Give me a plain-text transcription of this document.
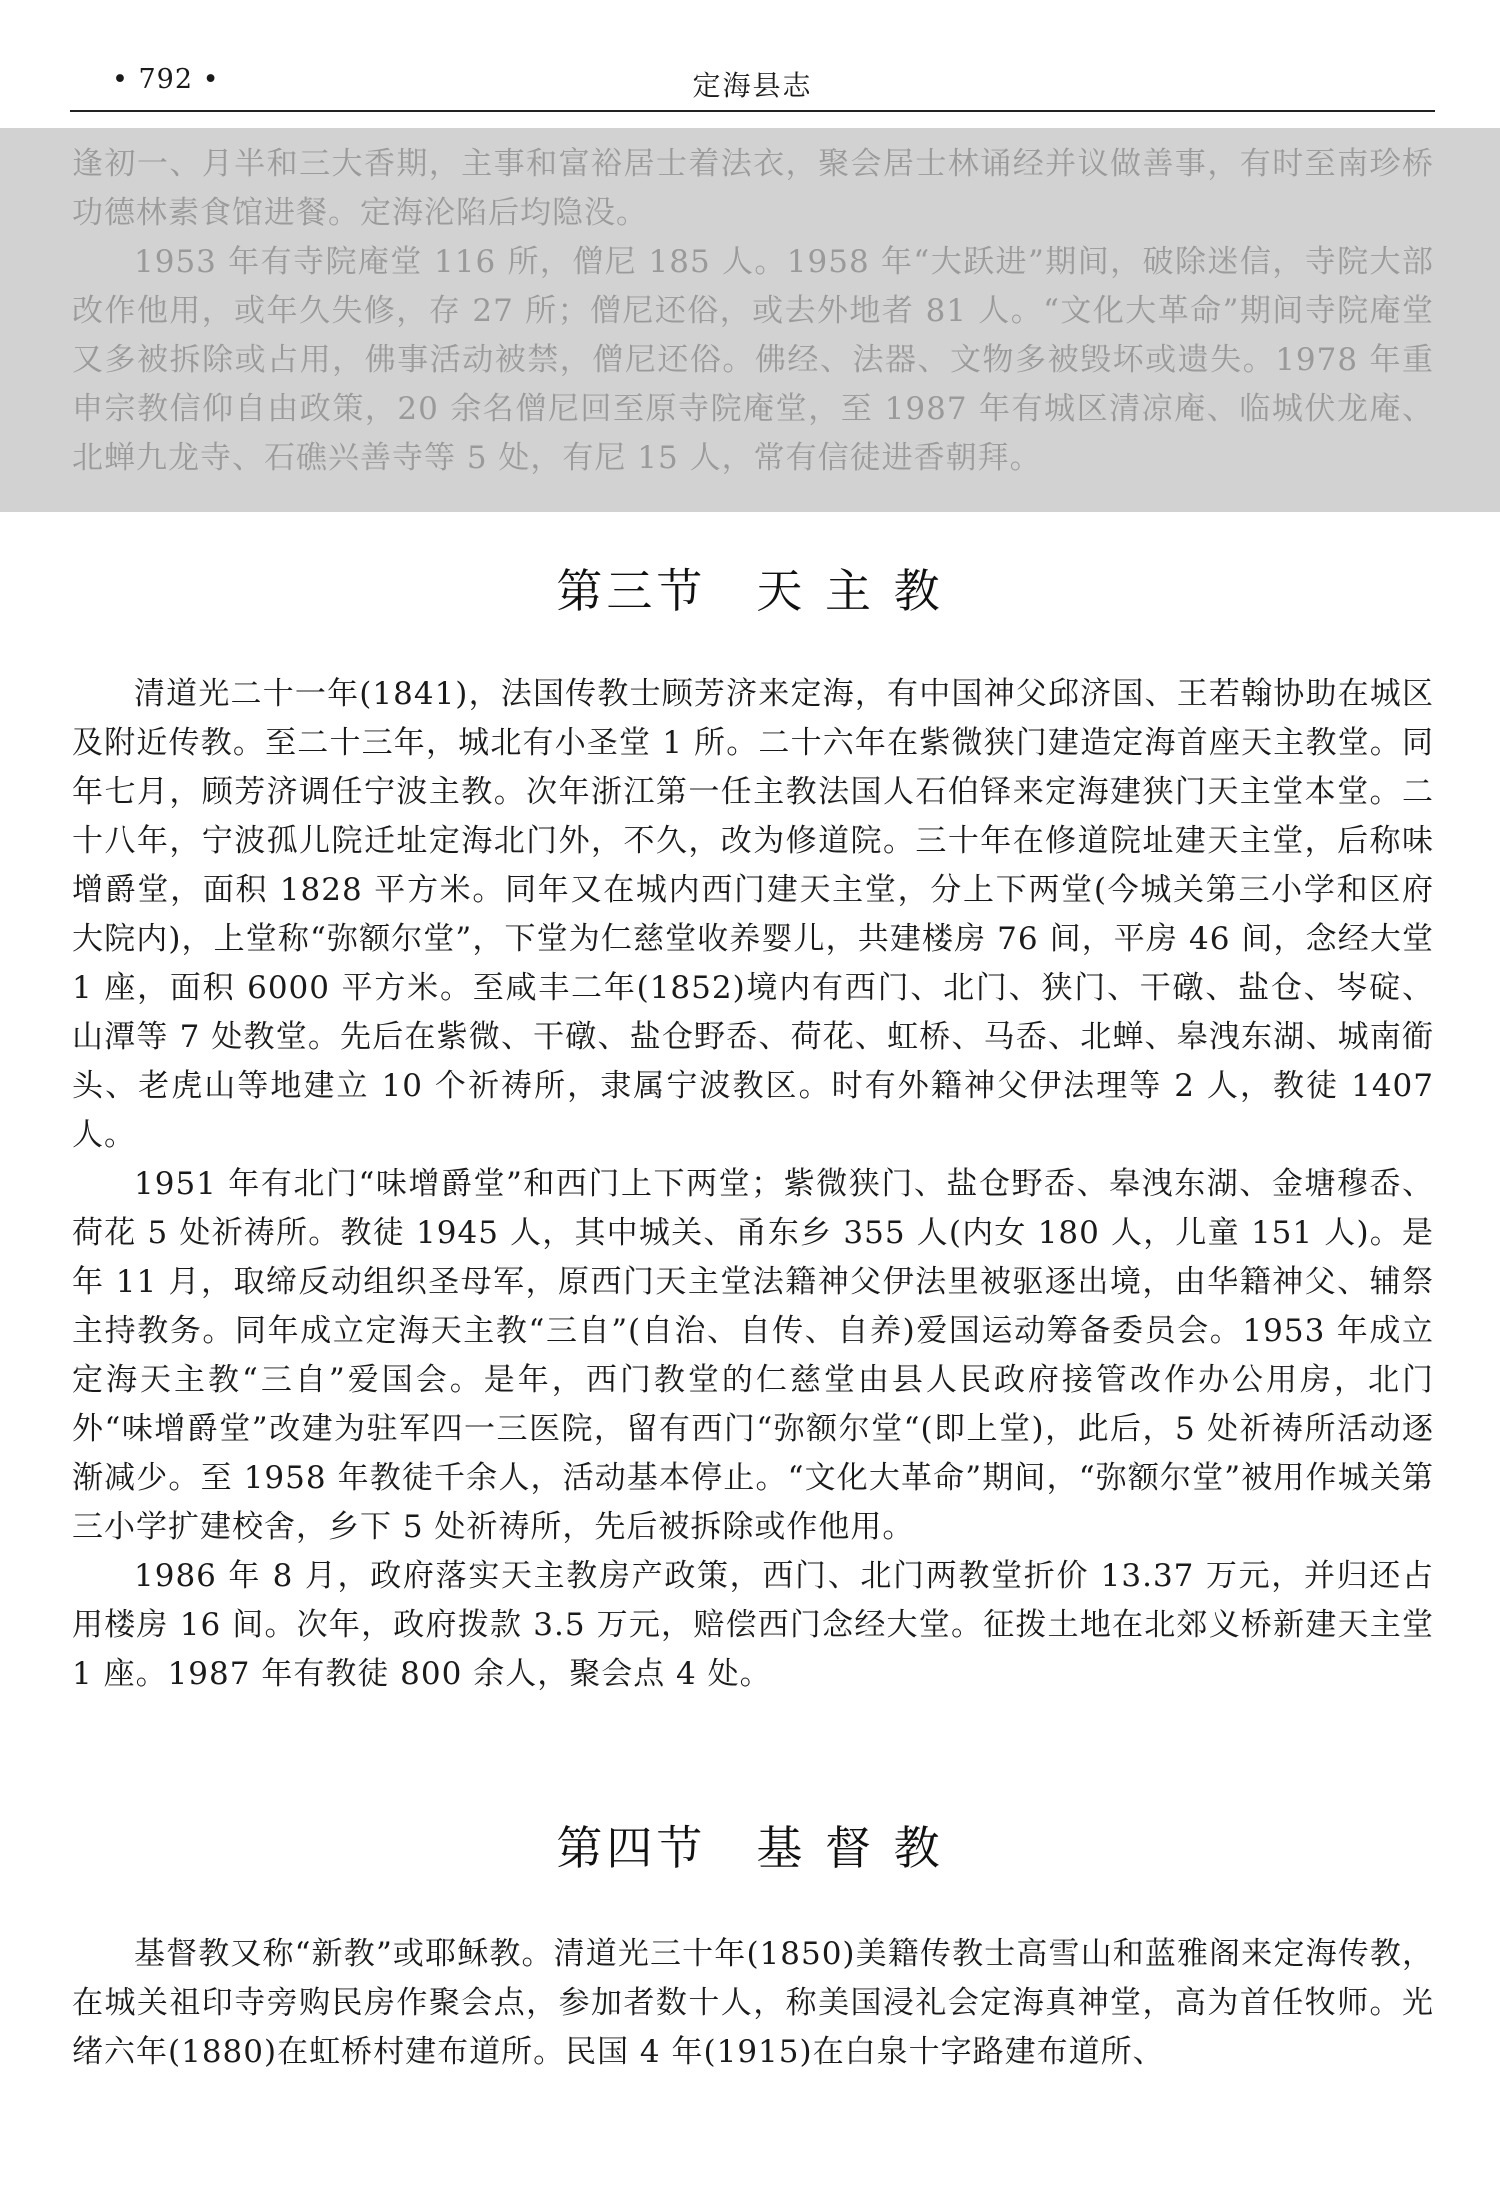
• 792 •	定海县志

逢初一、月半和三大香期，主事和富裕居士着法衣，聚会居士林诵经并议做善事，有时至南珍桥功德林素食馆进餐。定海沦陷后均隐没。

1953 年有寺院庵堂 116 所，僧尼 185 人。1958 年“大跃进”期间，破除迷信，寺院大部改作他用，或年久失修，存 27 所；僧尼还俗，或去外地者 81 人。“文化大革命”期间寺院庵堂又多被拆除或占用，佛事活动被禁，僧尼还俗。佛经、法器、文物多被毁坏或遗失。1978 年重申宗教信仰自由政策，20 余名僧尼回至原寺院庵堂，至 1987 年有城区清凉庵、临城伏龙庵、北蝉九龙寺、石礁兴善寺等 5 处，有尼 15 人，常有信徒进香朝拜。

第三节 天 主 教

清道光二十一年(1841)，法国传教士顾芳济来定海，有中国神父邱济国、王若翰协助在城区及附近传教。至二十三年，城北有小圣堂 1 所。二十六年在紫微狭门建造定海首座天主教堂。同年七月，顾芳济调任宁波主教。次年浙江第一任主教法国人石伯铎来定海建狭门天主堂本堂。二十八年，宁波孤儿院迁址定海北门外，不久，改为修道院。三十年在修道院址建天主堂，后称味增爵堂，面积 1828 平方米。同年又在城内西门建天主堂，分上下两堂(今城关第三小学和区府大院内)，上堂称“弥额尔堂”，下堂为仁慈堂收养婴儿，共建楼房 76 间，平房 46 间，念经大堂 1 座，面积 6000 平方米。至咸丰二年(1852)境内有西门、北门、狭门、干礅、盐仓、岑碇、山潭等 7 处教堂。先后在紫微、干礅、盐仓野岙、荷花、虹桥、马岙、北蝉、皋洩东湖、城南衜头、老虎山等地建立 10 个祈祷所，隶属宁波教区。时有外籍神父伊法理等 2 人，教徒 1407 人。

1951 年有北门“味增爵堂”和西门上下两堂；紫微狭门、盐仓野岙、皋洩东湖、金塘穆岙、荷花 5 处祈祷所。教徒 1945 人，其中城关、甬东乡 355 人(内女 180 人，儿童 151 人)。是年 11 月，取缔反动组织圣母军，原西门天主堂法籍神父伊法里被驱逐出境，由华籍神父、辅祭主持教务。同年成立定海天主教“三自”(自治、自传、自养)爱国运动筹备委员会。1953 年成立定海天主教“三自”爱国会。是年，西门教堂的仁慈堂由县人民政府接管改作办公用房，北门外“味增爵堂”改建为驻军四一三医院，留有西门“弥额尔堂“(即上堂)，此后，5 处祈祷所活动逐渐减少。至 1958 年教徒千余人，活动基本停止。“文化大革命”期间，“弥额尔堂”被用作城关第三小学扩建校舍，乡下 5 处祈祷所，先后被拆除或作他用。

1986 年 8 月，政府落实天主教房产政策，西门、北门两教堂折价 13.37 万元，并归还占用楼房 16 间。次年，政府拨款 3.5 万元，赔偿西门念经大堂。征拨土地在北郊义桥新建天主堂 1 座。1987 年有教徒 800 余人，聚会点 4 处。

第四节 基 督 教

基督教又称“新教”或耶稣教。清道光三十年(1850)美籍传教士高雪山和蓝雅阁来定海传教，在城关祖印寺旁购民房作聚会点，参加者数十人，称美国浸礼会定海真神堂，高为首任牧师。光绪六年(1880)在虹桥村建布道所。民国 4 年(1915)在白泉十字路建布道所、
